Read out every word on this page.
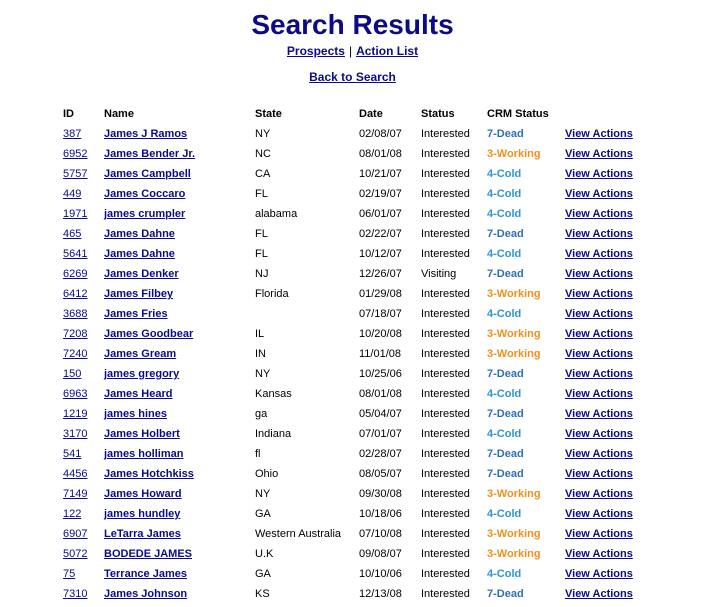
Search Results
Prospects | Action List
Back to Search
ID	Name	State	Date	Status	CRM Status	
387	James J Ramos	NY	02/08/07	Interested	7-Dead	View Actions
6952	James Bender Jr.	NC	08/01/08	Interested	3-Working	View Actions
5757	James Campbell	CA	10/21/07	Interested	4-Cold	View Actions
449	James Coccaro	FL	02/19/07	Interested	4-Cold	View Actions
1971	james crumpler	alabama	06/01/07	Interested	4-Cold	View Actions
465	James Dahne	FL	02/22/07	Interested	7-Dead	View Actions
5641	James Dahne	FL	10/12/07	Interested	4-Cold	View Actions
6269	James Denker	NJ	12/26/07	Visiting	7-Dead	View Actions
6412	James Filbey	Florida	01/29/08	Interested	3-Working	View Actions
3688	James Fries		07/18/07	Interested	4-Cold	View Actions
7208	James Goodbear	IL	10/20/08	Interested	3-Working	View Actions
7240	James Gream	IN	11/01/08	Interested	3-Working	View Actions
150	james gregory	NY	10/25/06	Interested	7-Dead	View Actions
6963	James Heard	Kansas	08/01/08	Interested	4-Cold	View Actions
1219	james hines	ga	05/04/07	Interested	7-Dead	View Actions
3170	James Holbert	Indiana	07/01/07	Interested	4-Cold	View Actions
541	james holliman	fl	02/28/07	Interested	7-Dead	View Actions
4456	James Hotchkiss	Ohio	08/05/07	Interested	7-Dead	View Actions
7149	James Howard	NY	09/30/08	Interested	3-Working	View Actions
122	james hundley	GA	10/18/06	Interested	4-Cold	View Actions
6907	LeTarra James	Western Australia	07/10/08	Interested	3-Working	View Actions
5072	BODEDE JAMES	U.K	09/08/07	Interested	3-Working	View Actions
75	Terrance James	GA	10/10/06	Interested	4-Cold	View Actions
7310	James Johnson	KS	12/13/08	Interested	7-Dead	View Actions
